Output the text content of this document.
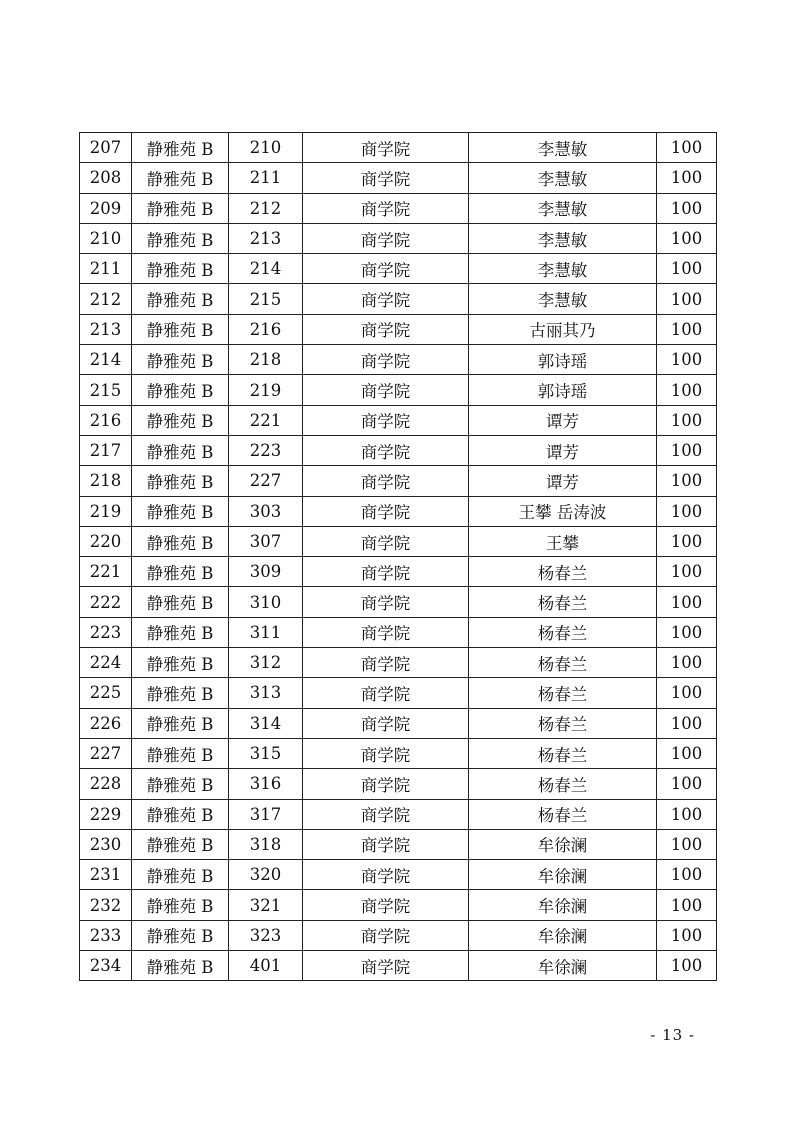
207	静雅苑 B	210	商学院	李慧敏	100
208	静雅苑 B	211	商学院	李慧敏	100
209	静雅苑 B	212	商学院	李慧敏	100
210	静雅苑 B	213	商学院	李慧敏	100
211	静雅苑 B	214	商学院	李慧敏	100
212	静雅苑 B	215	商学院	李慧敏	100
213	静雅苑 B	216	商学院	古丽其乃	100
214	静雅苑 B	218	商学院	郭诗瑶	100
215	静雅苑 B	219	商学院	郭诗瑶	100
216	静雅苑 B	221	商学院	谭芳	100
217	静雅苑 B	223	商学院	谭芳	100
218	静雅苑 B	227	商学院	谭芳	100
219	静雅苑 B	303	商学院	王攀 岳涛波	100
220	静雅苑 B	307	商学院	王攀	100
221	静雅苑 B	309	商学院	杨春兰	100
222	静雅苑 B	310	商学院	杨春兰	100
223	静雅苑 B	311	商学院	杨春兰	100
224	静雅苑 B	312	商学院	杨春兰	100
225	静雅苑 B	313	商学院	杨春兰	100
226	静雅苑 B	314	商学院	杨春兰	100
227	静雅苑 B	315	商学院	杨春兰	100
228	静雅苑 B	316	商学院	杨春兰	100
229	静雅苑 B	317	商学院	杨春兰	100
230	静雅苑 B	318	商学院	牟徐澜	100
231	静雅苑 B	320	商学院	牟徐澜	100
232	静雅苑 B	321	商学院	牟徐澜	100
233	静雅苑 B	323	商学院	牟徐澜	100
234	静雅苑 B	401	商学院	牟徐澜	100
- 13 -
